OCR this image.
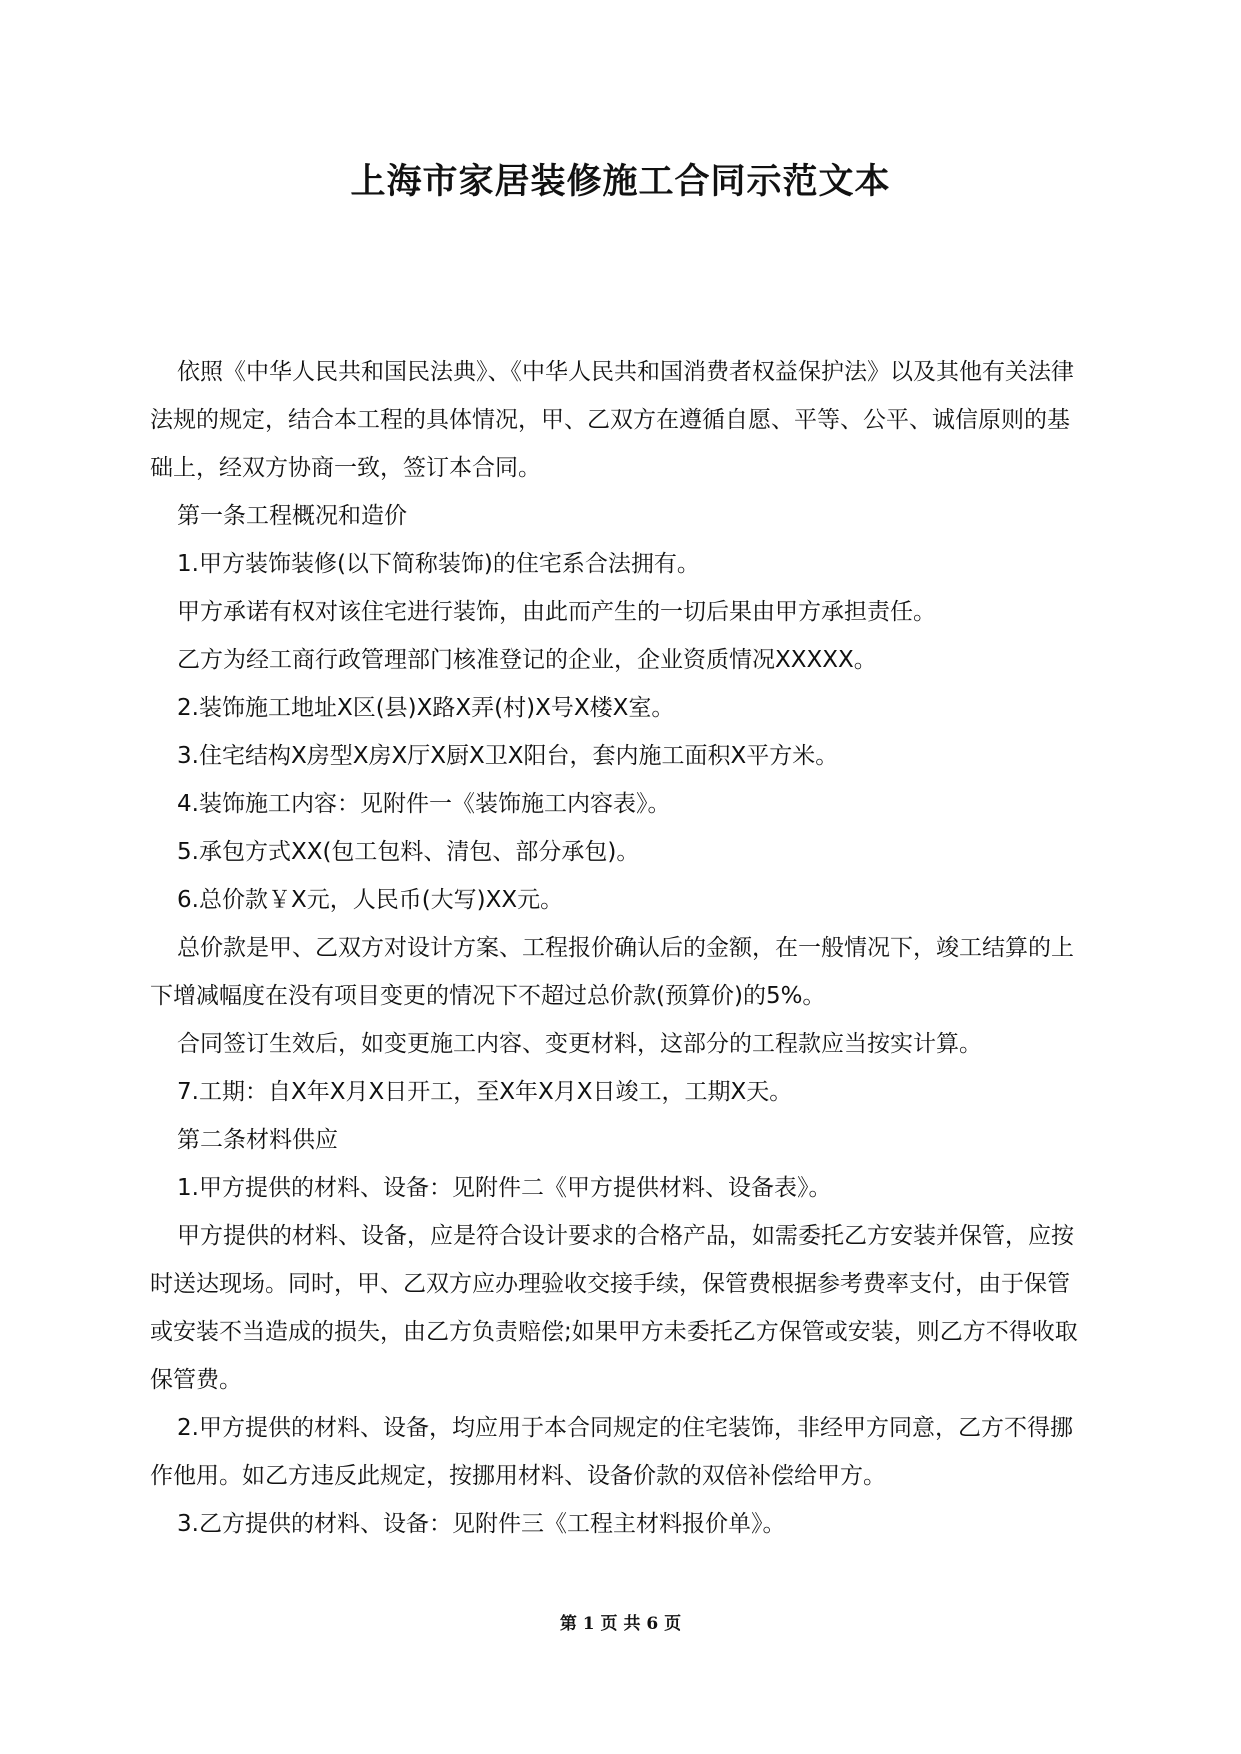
上海市家居装修施工合同示范文本

依照《中华人民共和国民法典》、《中华人民共和国消费者权益保护法》以及其他有关法律法规的规定，结合本工程的具体情况，甲、乙双方在遵循自愿、平等、公平、诚信原则的基础上，经双方协商一致，签订本合同。

第一条工程概况和造价

1.甲方装饰装修(以下简称装饰)的住宅系合法拥有。

甲方承诺有权对该住宅进行装饰，由此而产生的一切后果由甲方承担责任。

乙方为经工商行政管理部门核准登记的企业，企业资质情况XXXXX。

2.装饰施工地址X区(县)X路X弄(村)X号X楼X室。

3.住宅结构X房型X房X厅X厨X卫X阳台，套内施工面积X平方米。

4.装饰施工内容：见附件一《装饰施工内容表》。

5.承包方式XX(包工包料、清包、部分承包)。

6.总价款￥X元，人民币(大写)XX元。

总价款是甲、乙双方对设计方案、工程报价确认后的金额，在一般情况下，竣工结算的上下增减幅度在没有项目变更的情况下不超过总价款(预算价)的5%。

合同签订生效后，如变更施工内容、变更材料，这部分的工程款应当按实计算。

7.工期：自X年X月X日开工，至X年X月X日竣工，工期X天。

第二条材料供应

1.甲方提供的材料、设备：见附件二《甲方提供材料、设备表》。

甲方提供的材料、设备，应是符合设计要求的合格产品，如需委托乙方安装并保管，应按时送达现场。同时，甲、乙双方应办理验收交接手续，保管费根据参考费率支付，由于保管或安装不当造成的损失，由乙方负责赔偿;如果甲方未委托乙方保管或安装，则乙方不得收取保管费。

2.甲方提供的材料、设备，均应用于本合同规定的住宅装饰，非经甲方同意，乙方不得挪作他用。如乙方违反此规定，按挪用材料、设备价款的双倍补偿给甲方。

3.乙方提供的材料、设备：见附件三《工程主材料报价单》。

第 1 页 共 6 页
